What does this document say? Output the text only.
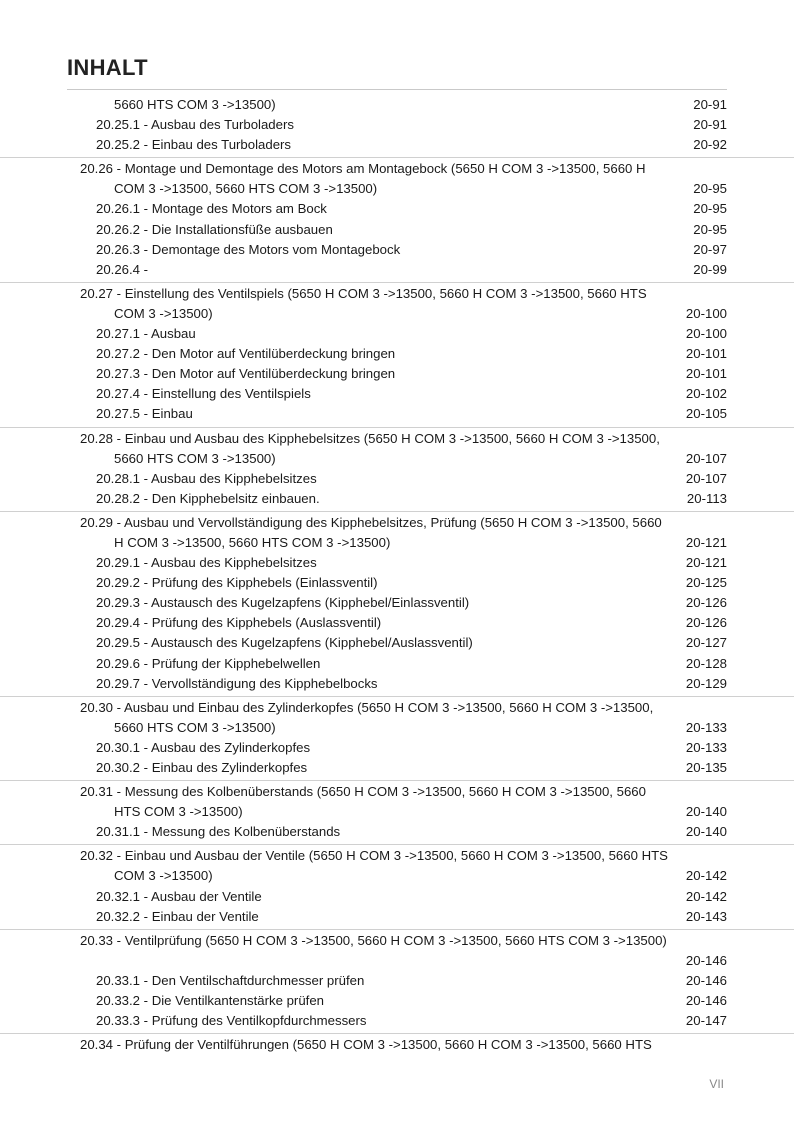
INHALT
5660 HTS COM 3 ->13500)	20-91
20.25.1 - Ausbau des Turboladers	20-91
20.25.2 - Einbau des Turboladers	20-92
20.26 - Montage und Demontage des Motors am Montagebock (5650 H COM 3 ->13500, 5660 H
COM 3 ->13500, 5660 HTS COM 3 ->13500)	20-95
20.26.1 - Montage des Motors am Bock	20-95
20.26.2 - Die Installationsfüße ausbauen	20-95
20.26.3 - Demontage des Motors vom Montagebock	20-97
20.26.4 -	20-99
20.27 - Einstellung des Ventilspiels (5650 H COM 3 ->13500, 5660 H COM 3 ->13500, 5660 HTS
COM 3 ->13500)	20-100
20.27.1 - Ausbau	20-100
20.27.2 - Den Motor auf Ventilüberdeckung bringen	20-101
20.27.3 - Den Motor auf Ventilüberdeckung bringen	20-101
20.27.4 - Einstellung des Ventilspiels	20-102
20.27.5 - Einbau	20-105
20.28 - Einbau und Ausbau des Kipphebelsitzes (5650 H COM 3 ->13500, 5660 H COM 3 ->13500,
5660 HTS COM 3 ->13500)	20-107
20.28.1 - Ausbau des Kipphebelsitzes	20-107
20.28.2 - Den Kipphebelsitz einbauen.	20-113
20.29 - Ausbau und Vervollständigung des Kipphebelsitzes, Prüfung (5650 H COM 3 ->13500, 5660
H COM 3 ->13500, 5660 HTS COM 3 ->13500)	20-121
20.29.1 - Ausbau des Kipphebelsitzes	20-121
20.29.2 - Prüfung des Kipphebels (Einlassventil)	20-125
20.29.3 - Austausch des Kugelzapfens (Kipphebel/Einlassventil)	20-126
20.29.4 - Prüfung des Kipphebels (Auslassventil)	20-126
20.29.5 - Austausch des Kugelzapfens (Kipphebel/Auslassventil)	20-127
20.29.6 - Prüfung der Kipphebelwellen	20-128
20.29.7 - Vervollständigung des Kipphebelbocks	20-129
20.30 - Ausbau und Einbau des Zylinderkopfes (5650 H COM 3 ->13500, 5660 H COM 3 ->13500,
5660 HTS COM 3 ->13500)	20-133
20.30.1 - Ausbau des Zylinderkopfes	20-133
20.30.2 - Einbau des Zylinderkopfes	20-135
20.31 - Messung des Kolbenüberstands (5650 H COM 3 ->13500, 5660 H COM 3 ->13500, 5660
HTS COM 3 ->13500)	20-140
20.31.1 - Messung des Kolbenüberstands	20-140
20.32 - Einbau und Ausbau der Ventile (5650 H COM 3 ->13500, 5660 H COM 3 ->13500, 5660 HTS
COM 3 ->13500)	20-142
20.32.1 - Ausbau der Ventile	20-142
20.32.2 - Einbau der Ventile	20-143
20.33 - Ventilprüfung (5650 H COM 3 ->13500, 5660 H COM 3 ->13500, 5660 HTS COM 3 ->13500)
20-146
20.33.1 - Den Ventilschaftdurchmesser prüfen	20-146
20.33.2 - Die Ventilkantenstärke prüfen	20-146
20.33.3 - Prüfung des Ventilkopfdurchmessers	20-147
20.34 - Prüfung der Ventilführungen (5650 H COM 3 ->13500, 5660 H COM 3 ->13500, 5660 HTS
VII
